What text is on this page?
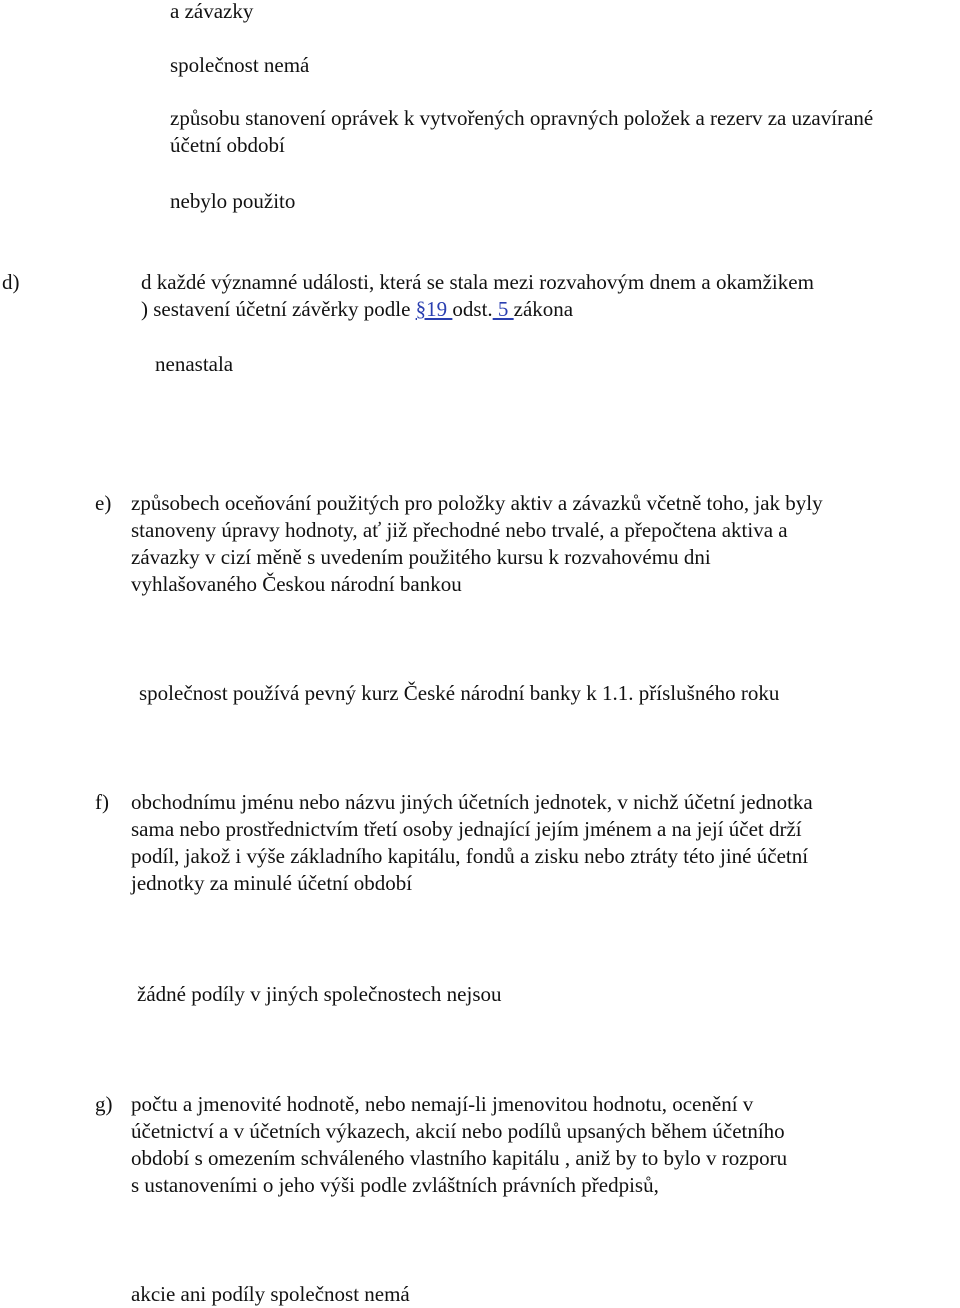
a závazky
společnost nemá
způsobu stanovení oprávek k vytvořených opravných položek a rezerv za uzavírané
účetní období
nebylo použito
d)	d každé významné události, která se stala mezi rozvahovým dnem a okamžikem
) sestavení účetní závěrky podle §19 odst. 5 zákona
nenastala
e) způsobech oceňování použitých pro položky aktiv a závazků včetně toho, jak byly
stanoveny úpravy hodnoty, ať již přechodné nebo trvalé, a přepočtena aktiva a
závazky v cizí měně s uvedením použitého kursu k rozvahovému dni
vyhlašovaného Českou národní bankou
společnost používá pevný kurz České národní banky k 1.1. příslušného roku
f) obchodnímu jménu nebo názvu jiných účetních jednotek, v nichž účetní jednotka
sama nebo prostřednictvím třetí osoby jednající jejím jménem a na její účet drží
podíl, jakož i výše základního kapitálu, fondů a zisku nebo ztráty této jiné účetní
jednotky za minulé účetní období
žádné podíly v jiných společnostech nejsou
g) počtu a jmenovité hodnotě, nebo nemají-li jmenovitou hodnotu, ocenění v
účetnictví a v účetních výkazech, akcií nebo podílů upsaných během účetního
období s omezením schváleného vlastního kapitálu , aniž by to bylo v rozporu
s ustanoveními o jeho výši podle zvláštních právních předpisů,
akcie ani podíly společnost nemá
